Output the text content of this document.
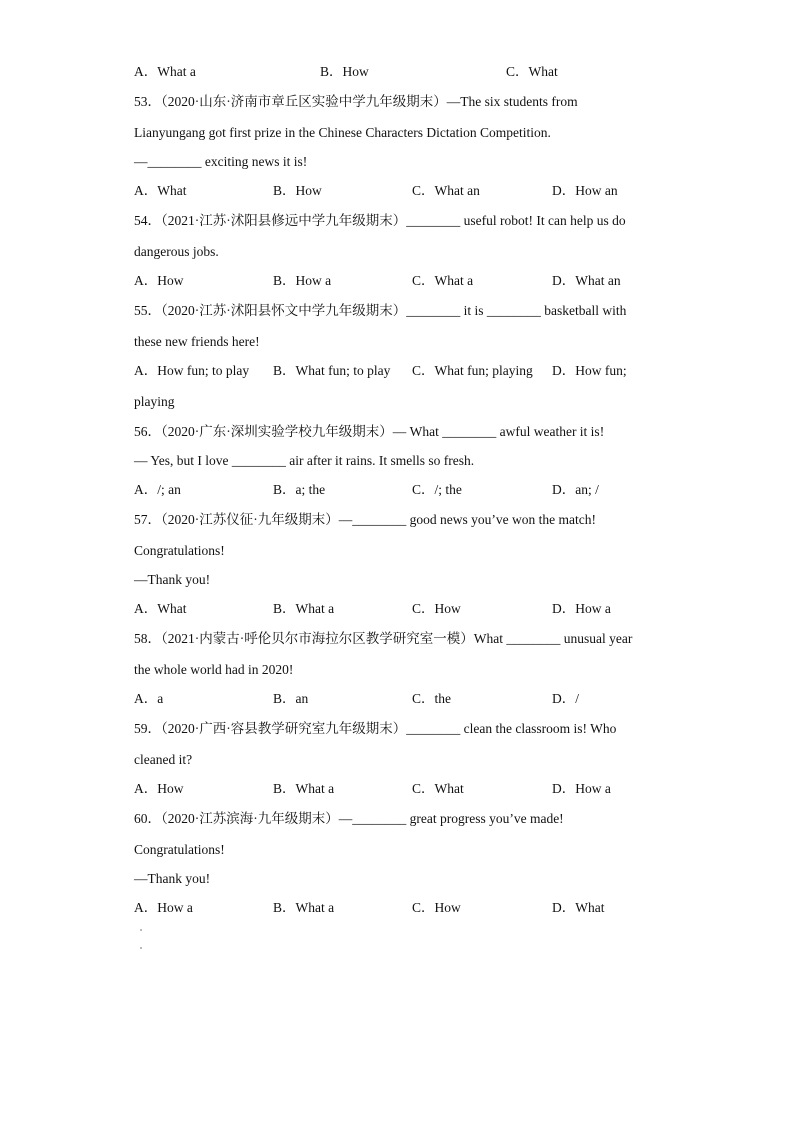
A．What a	B．How	C．What
53．（2020·山东·济南市章丘区实验中学九年级期末）—The six students from
Lianyungang got first prize in the Chinese Characters Dictation Competition.
—________ exciting news it is!
A．What	B．How	C．What an	D．How an
54．（2021·江苏·沭阳县修远中学九年级期末）________ useful robot! It can help us do
dangerous jobs.
A．How	B．How a	C．What a	D．What an
55．（2020·江苏·沭阳县怀文中学九年级期末）________ it is ________ basketball with
these new friends here!
A．How fun; to play B．What fun; to play C．What fun; playing D．How fun;
playing
56．（2020·广东·深圳实验学校九年级期末）— What ________ awful weather it is!
— Yes, but I love ________ air after it rains. It smells so fresh.
A．/; an	B．a; the	C．/; the	D．an; /
57．（2020·江苏仪征·九年级期末）—________ good news you’ve won the match!
Congratulations!
—Thank you!
A．What	B．What a	C．How	D．How a
58．（2021·内蒙古·呼伦贝尔市海拉尔区教学研究室一模）What ________ unusual year
the whole world had in 2020!
A．a	B．an	C．the	D．/
59．（2020·广西·容县教学研究室九年级期末）________ clean the classroom is! Who
cleaned it?
A．How	B．What a	C．What	D．How a
60．（2020·江苏滨海·九年级期末）—________ great progress you’ve made!
Congratulations!
—Thank you!
A．How a	B．What a	C．How	D．What
